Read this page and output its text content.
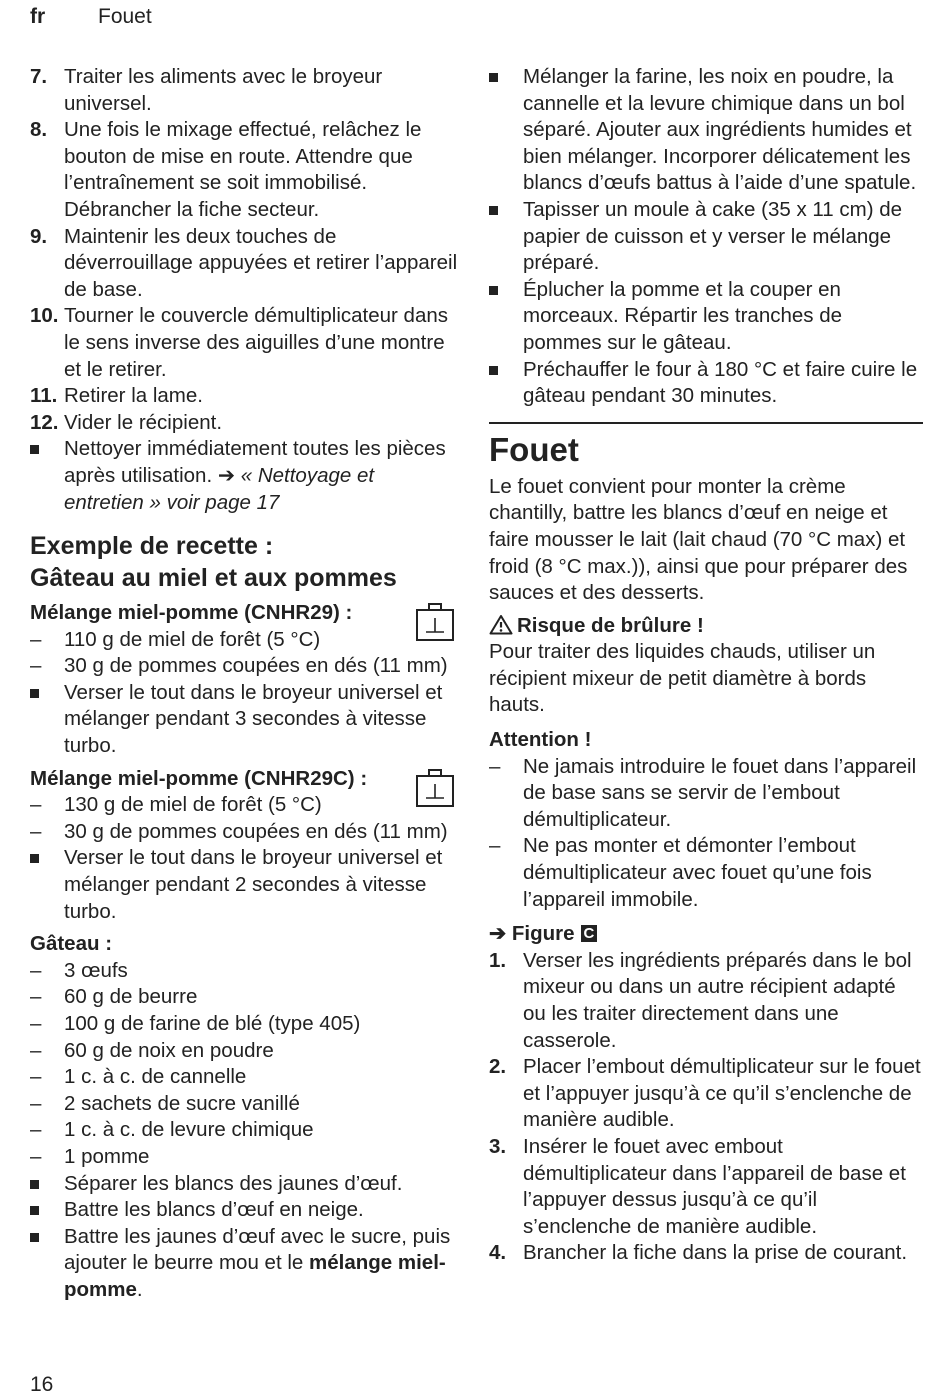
fr	Fouet
7. Traiter les aliments avec le broyeur universel.
8. Une fois le mixage effectué, relâchez le bouton de mise en route. Attendre que l’entraînement se soit immobilisé. Débrancher la fiche secteur.
9. Maintenir les deux touches de déverrouillage appuyées et retirer l’appareil de base.
10. Tourner le couvercle démultiplicateur dans le sens inverse des aiguilles d’une montre et le retirer.
11. Retirer la lame.
12. Vider le récipient.
Nettoyer immédiatement toutes les pièces après utilisation. ➔ « Nettoyage et entretien » voir page 17
Exemple de recette :
Gâteau au miel et aux pommes
Mélange miel-pomme (CNHR29) :
– 110 g de miel de forêt (5 °C)
– 30 g de pommes coupées en dés (11 mm)
Verser le tout dans le broyeur universel et mélanger pendant 3 secondes à vitesse turbo.
Mélange miel-pomme (CNHR29C) :
– 130 g de miel de forêt (5 °C)
– 30 g de pommes coupées en dés (11 mm)
Verser le tout dans le broyeur universel et mélanger pendant 2 secondes à vitesse turbo.
Gâteau :
– 3 œufs
– 60 g de beurre
– 100 g de farine de blé (type 405)
– 60 g de noix en poudre
– 1 c. à c. de cannelle
– 2 sachets de sucre vanillé
– 1 c. à c. de levure chimique
– 1 pomme
Séparer les blancs des jaunes d’œuf.
Battre les blancs d’œuf en neige.
Battre les jaunes d’œuf avec le sucre, puis ajouter le beurre mou et le mélange miel-pomme.
Mélanger la farine, les noix en poudre, la cannelle et la levure chimique dans un bol séparé. Ajouter aux ingrédients humides et bien mélanger. Incorporer délicatement les blancs d’œufs battus à l’aide d’une spatule.
Tapisser un moule à cake (35 x 11 cm) de papier de cuisson et y verser le mélange préparé.
Éplucher la pomme et la couper en morceaux. Répartir les tranches de pommes sur le gâteau.
Préchauffer le four à 180 °C et faire cuire le gâteau pendant 30 minutes.
Fouet

Le fouet convient pour monter la crème chantilly, battre les blancs d’œuf en neige et faire mousser le lait (lait chaud (70 °C max) et froid (8 °C max.)), ainsi que pour préparer des sauces et des desserts.

Risque de brûlure !

Pour traiter des liquides chauds, utiliser un récipient mixeur de petit diamètre à bords hauts.

Attention !
– Ne jamais introduire le fouet dans l’appareil de base sans se servir de l’embout démultiplicateur.
– Ne pas monter et démonter l’embout démultiplicateur avec fouet qu’une fois l’appareil immobile.
➔ Figure C
1. Verser les ingrédients préparés dans le bol mixeur ou dans un autre récipient adapté ou les traiter directement dans une casserole.
2. Placer l’embout démultiplicateur sur le fouet et l’appuyer jusqu’à ce qu’il s’enclenche de manière audible.
3. Insérer le fouet avec embout démultiplicateur dans l’appareil de base et l’appuyer dessus jusqu’à ce qu’il s’enclenche de manière audible.
4. Brancher la fiche dans la prise de courant.
16
